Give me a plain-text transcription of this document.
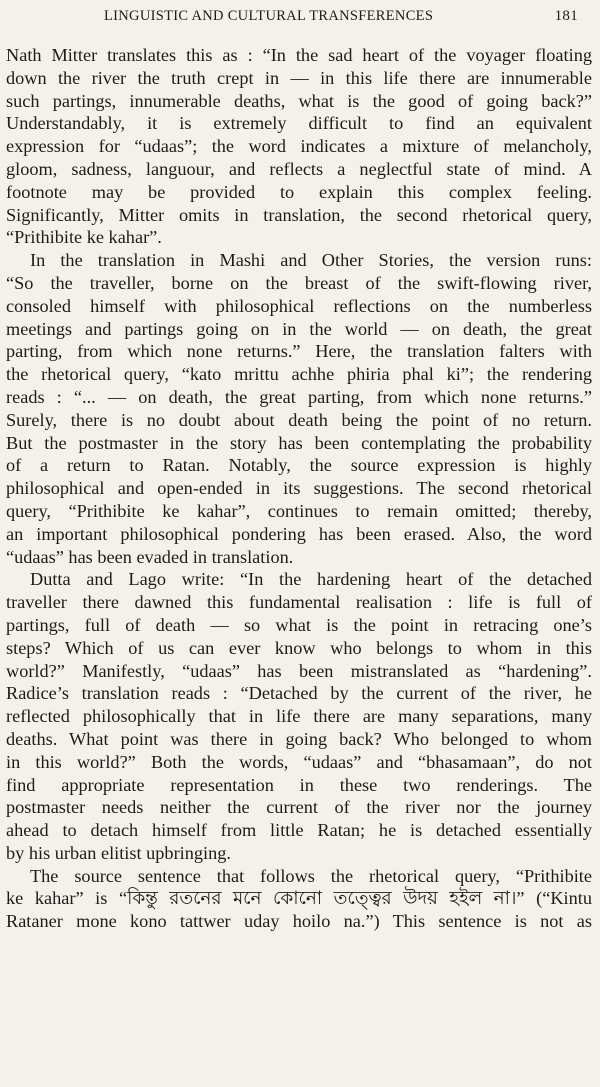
LINGUISTIC AND CULTURAL TRANSFERENCES	181
Nath Mitter translates this as : “In the sad heart of the voyager floating
down the river the truth crept in — in this life there are innumerable
such partings, innumerable deaths, what is the good of going back?”
Understandably, it is extremely difficult to find an equivalent
expression for “udaas”; the word indicates a mixture of melancholy,
gloom, sadness, languour, and reflects a neglectful state of mind. A
footnote may be provided to explain this complex feeling.
Significantly, Mitter omits in translation, the second rhetorical query,
“Prithibite ke kahar”.
In the translation in Mashi and Other Stories, the version runs:
“So the traveller, borne on the breast of the swift-flowing river,
consoled himself with philosophical reflections on the numberless
meetings and partings going on in the world — on death, the great
parting, from which none returns.” Here, the translation falters with
the rhetorical query, “kato mrittu achhe phiria phal ki”; the rendering
reads : “... — on death, the great parting, from which none returns.”
Surely, there is no doubt about death being the point of no return.
But the postmaster in the story has been contemplating the probability
of a return to Ratan. Notably, the source expression is highly
philosophical and open-ended in its suggestions. The second rhetorical
query, “Prithibite ke kahar”, continues to remain omitted; thereby,
an important philosophical pondering has been erased. Also, the word
“udaas” has been evaded in translation.
Dutta and Lago write: “In the hardening heart of the detached
traveller there dawned this fundamental realisation : life is full of
partings, full of death — so what is the point in retracing one’s
steps? Which of us can ever know who belongs to whom in this
world?” Manifestly, “udaas” has been mistranslated as “hardening”.
Radice’s translation reads : “Detached by the current of the river, he
reflected philosophically that in life there are many separations, many
deaths. What point was there in going back? Who belonged to whom
in this world?” Both the words, “udaas” and “bhasamaan”, do not
find appropriate representation in these two renderings. The
postmaster needs neither the current of the river nor the journey
ahead to detach himself from little Ratan; he is detached essentially
by his urban elitist upbringing.
The source sentence that follows the rhetorical query, “Prithibite
ke kahar” is “কিন্তু রতনের মনে কোনো তত্ত্বের উদয় হইল না।” (“Kintu
Rataner mone kono tattwer uday hoilo na.”) This sentence is not as
